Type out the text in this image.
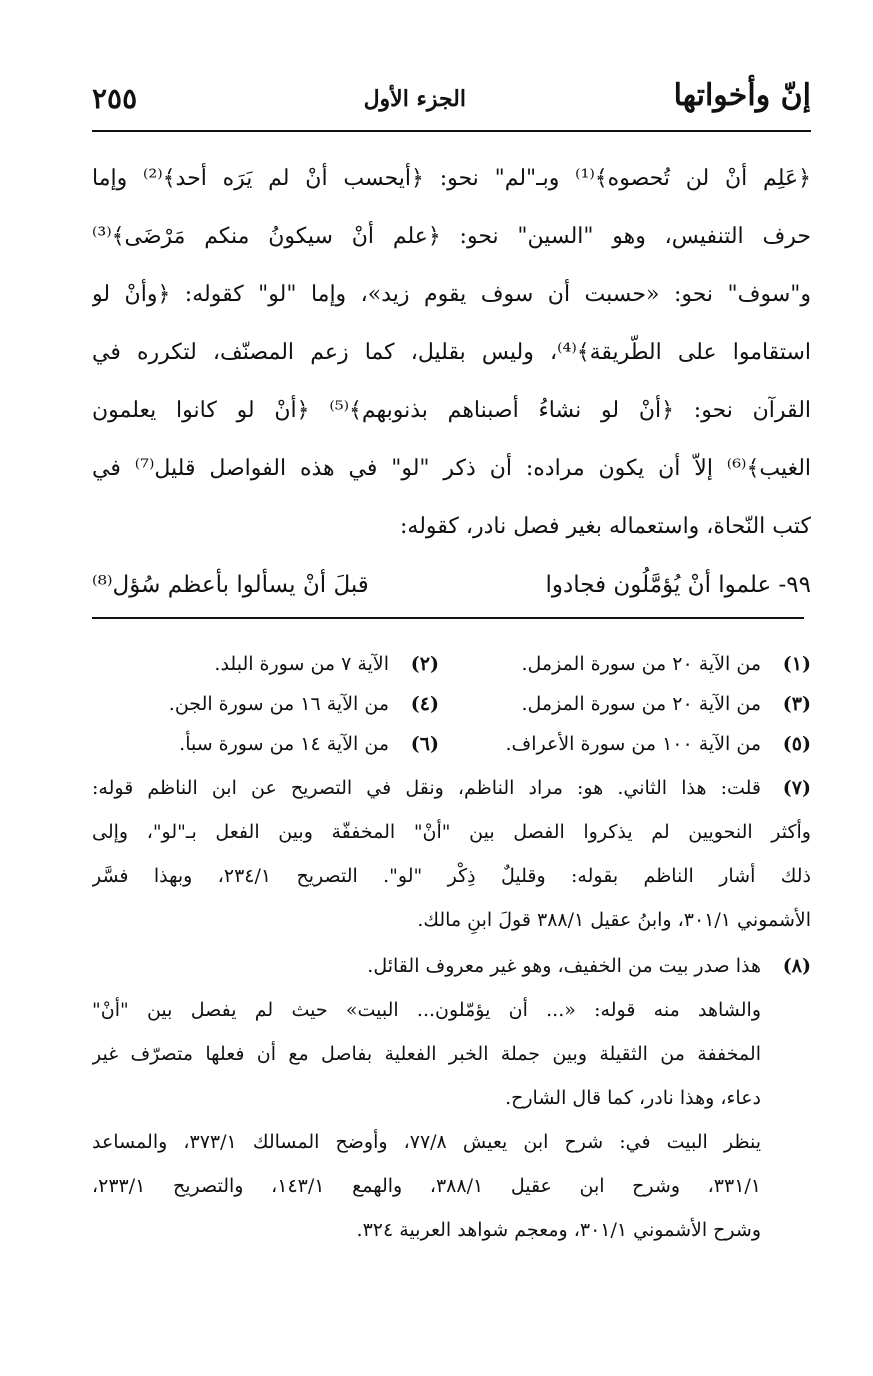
إنّ وأخواتها
الجزء الأول
٢٥٥
﴿عَلِم أنْ لن تُحصوه﴾⁽¹⁾ وبـ"لم" نحو: ﴿أيحسب أنْ لم يَرَه أحد﴾⁽²⁾ وإما
حرف التنفيس، وهو "السين" نحو: ﴿علم أنْ سيكونُ منكم مَرْضَى﴾⁽³⁾
و"سوف" نحو: «حسبت أن سوف يقوم زيد»، وإما "لو" كقوله: ﴿وأنْ لو
استقاموا على الطّريقة﴾⁽⁴⁾، وليس بقليل، كما زعم المصنّف، لتكرره في
القرآن نحو: ﴿أنْ لو نشاءُ أصبناهم بذنوبهم﴾⁽⁵⁾ ﴿أنْ لو كانوا يعلمون
الغيب﴾⁽⁶⁾ إلاّ أن يكون مراده: أن ذكر "لو" في هذه الفواصل قليل⁽⁷⁾ في
كتب النّحاة، واستعماله بغير فصل نادر، كقوله:
٩٩- علموا أنْ يُؤمَّلُون فجادوا
قبلَ أنْ يسألوا بأعظم سُؤل⁽⁸⁾
(١)
من الآية ٢٠ من سورة المزمل.
(٢)
الآية ٧ من سورة البلد.
(٣)
من الآية ٢٠ من سورة المزمل.
(٤)
من الآية ١٦ من سورة الجن.
(٥)
من الآية ١٠٠ من سورة الأعراف.
(٦)
من الآية ١٤ من سورة سبأ.
(٧)
قلت: هذا الثاني. هو: مراد الناظم، ونقل في التصريح عن ابن الناظم قوله:
وأكثر النحويين لم يذكروا الفصل بين "أنْ" المخففّة وبين الفعل بـ"لو"، وإلى
ذلك أشار الناظم بقوله: وقليلٌ ذِكْر "لو". التصريح ٢٣٤/١، وبهذا فسَّر
الأشموني ٣٠١/١، وابنُ عقيل ٣٨٨/١ قولَ ابنِ مالك.
(٨)
هذا صدر بيت من الخفيف، وهو غير معروف القائل.
والشاهد منه قوله: «... أن يؤمّلون... البيت» حيث لم يفصل بين "أنْ"
المخففة من الثقيلة وبين جملة الخبر الفعلية بفاصل مع أن فعلها متصرّف غير
دعاء، وهذا نادر، كما قال الشارح.
ينظر البيت في: شرح ابن يعيش ٧٧/٨، وأوضح المسالك ٣٧٣/١، والمساعد
٣٣١/١، وشرح ابن عقيل ٣٨٨/١، والهمع ١٤٣/١، والتصريح ٢٣٣/١،
وشرح الأشموني ٣٠١/١، ومعجم شواهد العربية ٣٢٤.
